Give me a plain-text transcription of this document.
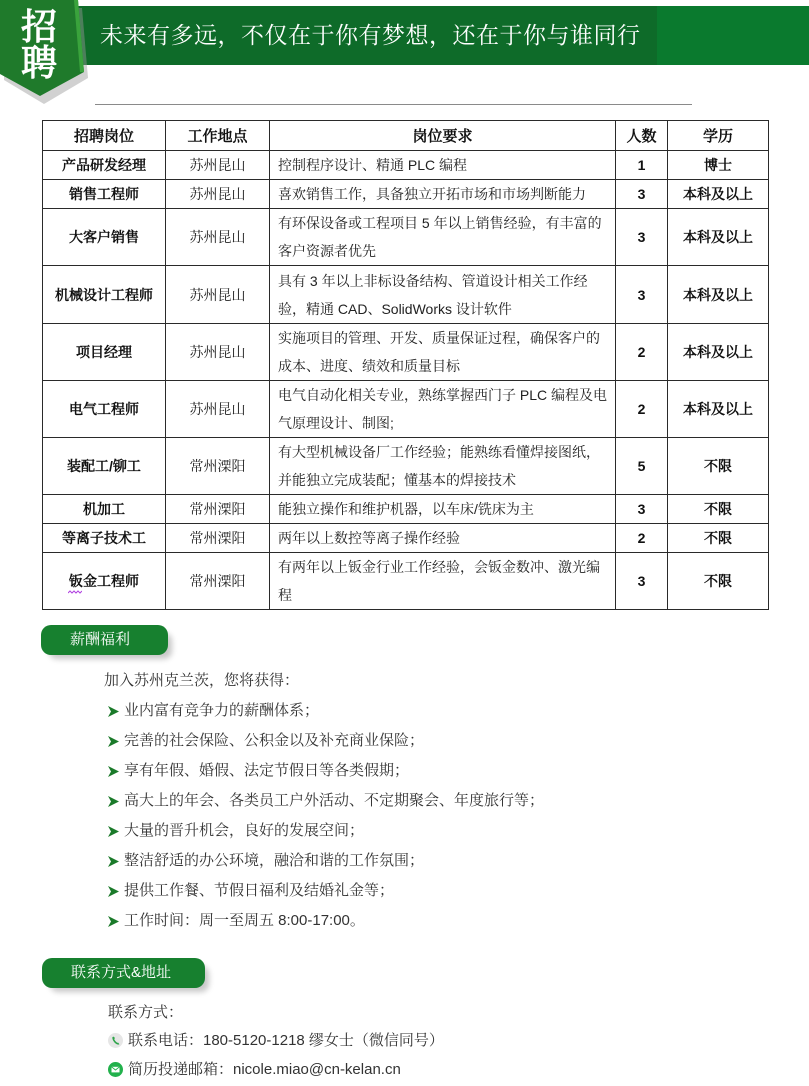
未来有多远，不仅在于你有梦想，还在于你与谁同行
招
聘
招聘岗位	工作地点	岗位要求	人数	学历
产品研发经理	苏州昆山	控制程序设计、精通 PLC 编程	1	博士
销售工程师	苏州昆山	喜欢销售工作，具备独立开拓市场和市场判断能力	3	本科及以上
大客户销售	苏州昆山	有环保设备或工程项目 5 年以上销售经验，有丰富的客户资源者优先	3	本科及以上
机械设计工程师	苏州昆山	具有 3 年以上非标设备结构、管道设计相关工作经验，精通 CAD、SolidWorks 设计软件	3	本科及以上
项目经理	苏州昆山	实施项目的管理、开发、质量保证过程，确保客户的成本、进度、绩效和质量目标	2	本科及以上
电气工程师	苏州昆山	电气自动化相关专业，熟练掌握西门子 PLC 编程及电气原理设计、制图;	2	本科及以上
装配工/铆工	常州溧阳	有大型机械设备厂工作经验；能熟练看懂焊接图纸，并能独立完成装配；懂基本的焊接技术	5	不限
机加工	常州溧阳	能独立操作和维护机器，以车床/铣床为主	3	不限
等离子技术工	常州溧阳	两年以上数控等离子操作经验	2	不限
钣金工程师	常州溧阳	有两年以上钣金行业工作经验，会钣金数冲、激光编程	3	不限
薪酬福利
加入苏州克兰茨，您将获得：
业内富有竞争力的薪酬体系；
完善的社会保险、公积金以及补充商业保险；
享有年假、婚假、法定节假日等各类假期；
高大上的年会、各类员工户外活动、不定期聚会、年度旅行等；
大量的晋升机会，良好的发展空间；
整洁舒适的办公环境，融洽和谐的工作氛围；
提供工作餐、节假日福利及结婚礼金等；
工作时间：周一至周五 8:00-17:00。
联系方式&地址
联系方式：
联系电话：180-5120-1218 缪女士（微信同号）
简历投递邮箱：nicole.miao@cn-kelan.cn
